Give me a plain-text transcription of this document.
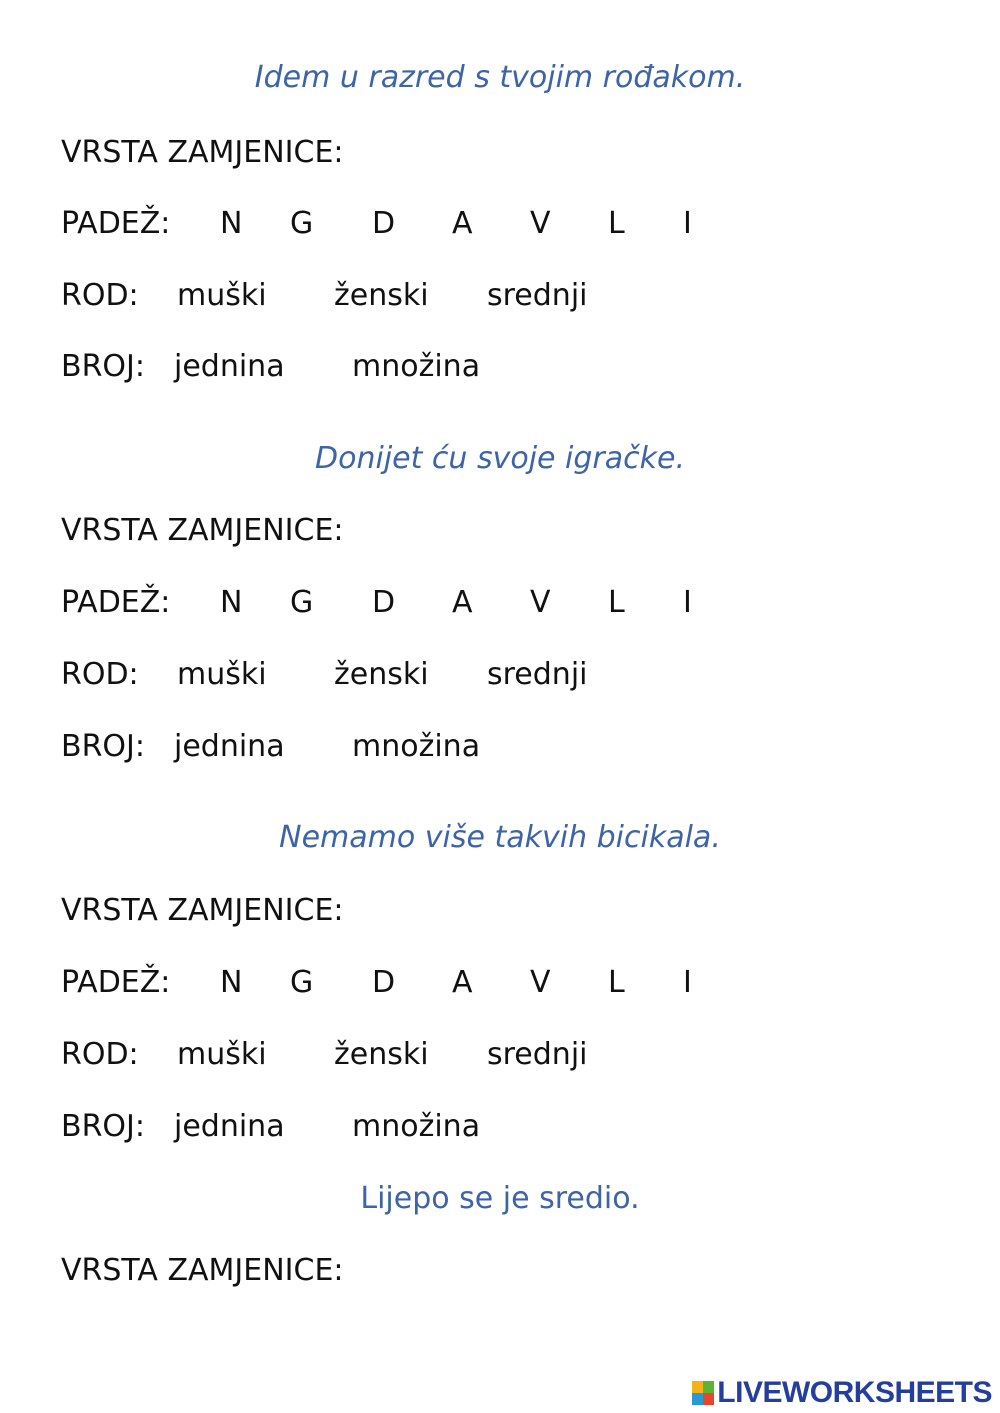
Idem u razred s tvojim rođakom.
VRSTA ZAMJENICE:
PADEŽ: N G D A V L I
ROD: muški ženski srednji
BROJ: jednina množina
Donijet ću svoje igračke.
VRSTA ZAMJENICE:
PADEŽ: N G D A V L I
ROD: muški ženski srednji
BROJ: jednina množina
Nemamo više takvih bicikala.
VRSTA ZAMJENICE:
PADEŽ: N G D A V L I
ROD: muški ženski srednji
BROJ: jednina množina
Lijepo se je sredio.
VRSTA ZAMJENICE:
LIVEWORKSHEETS
